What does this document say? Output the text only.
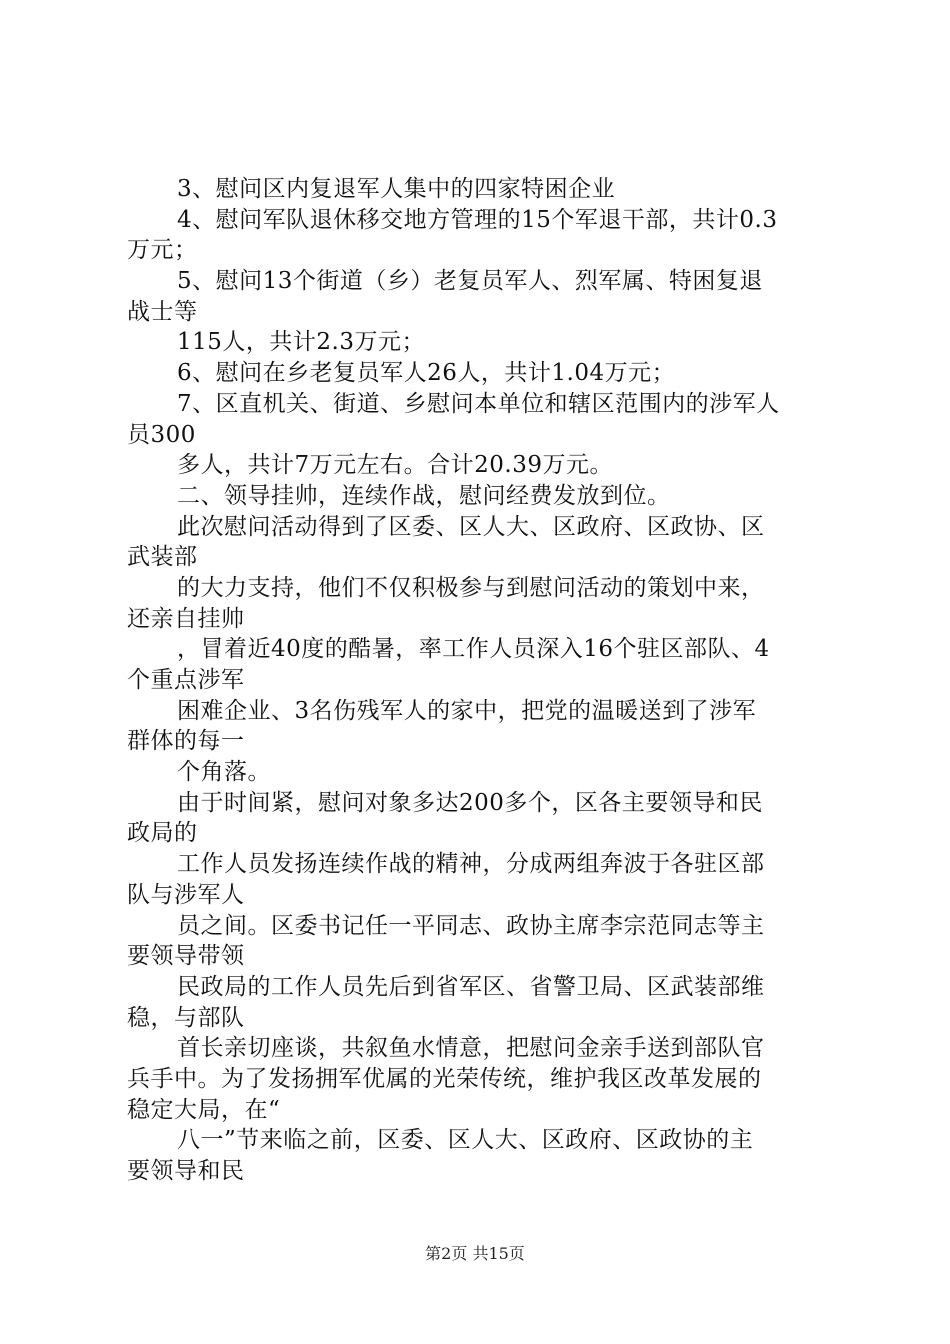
3、慰问区内复退军人集中的四家特困企业
4、慰问军队退休移交地方管理的15个军退干部，共计0.3
万元；
5、慰问13个街道（乡）老复员军人、烈军属、特困复退
战士等
115人，共计2.3万元；
6、慰问在乡老复员军人26人，共计1.04万元；
7、区直机关、街道、乡慰问本单位和辖区范围内的涉军人
员300
多人，共计7万元左右。合计20.39万元。
二、领导挂帅，连续作战，慰问经费发放到位。
此次慰问活动得到了区委、区人大、区政府、区政协、区
武装部
的大力支持，他们不仅积极参与到慰问活动的策划中来，
还亲自挂帅
，冒着近40度的酷暑，率工作人员深入16个驻区部队、4
个重点涉军
困难企业、3名伤残军人的家中，把党的温暖送到了涉军
群体的每一
个角落。
由于时间紧，慰问对象多达200多个，区各主要领导和民
政局的
工作人员发扬连续作战的精神，分成两组奔波于各驻区部
队与涉军人
员之间。区委书记任一平同志、政协主席李宗范同志等主
要领导带领
民政局的工作人员先后到省军区、省警卫局、区武装部维
稳，与部队
首长亲切座谈，共叙鱼水情意，把慰问金亲手送到部队官
兵手中。为了发扬拥军优属的光荣传统，维护我区改革发展的
稳定大局，在“
八一”节来临之前，区委、区人大、区政府、区政协的主
要领导和民
第2页 共15页
